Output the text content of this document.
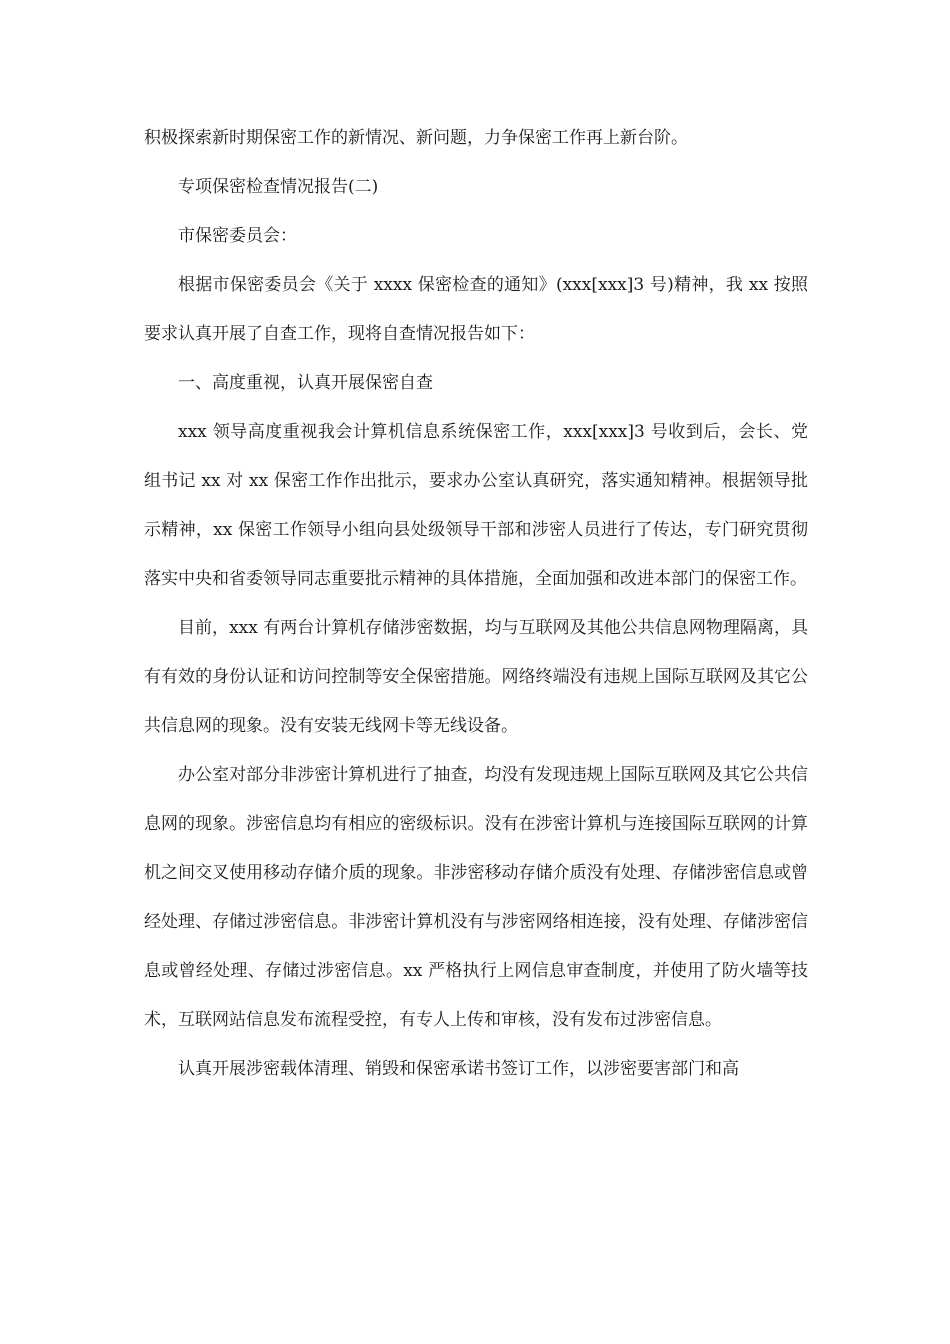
积极探索新时期保密工作的新情况、新问题，力争保密工作再上新台阶。

专项保密检查情况报告(二)

市保密委员会：

根据市保密委员会《关于 xxxx 保密检查的通知》(xxx[xxx]3 号)精神，我 xx 按照要求认真开展了自查工作，现将自查情况报告如下：

一、高度重视，认真开展保密自查

xxx 领导高度重视我会计算机信息系统保密工作，xxx[xxx]3 号收到后，会长、党组书记 xx 对 xx 保密工作作出批示，要求办公室认真研究，落实通知精神。根据领导批示精神，xx 保密工作领导小组向县处级领导干部和涉密人员进行了传达，专门研究贯彻落实中央和省委领导同志重要批示精神的具体措施，全面加强和改进本部门的保密工作。

目前，xxx 有两台计算机存储涉密数据，均与互联网及其他公共信息网物理隔离，具有有效的身份认证和访问控制等安全保密措施。网络终端没有违规上国际互联网及其它公共信息网的现象。没有安装无线网卡等无线设备。

办公室对部分非涉密计算机进行了抽查，均没有发现违规上国际互联网及其它公共信息网的现象。涉密信息均有相应的密级标识。没有在涉密计算机与连接国际互联网的计算机之间交叉使用移动存储介质的现象。非涉密移动存储介质没有处理、存储涉密信息或曾经处理、存储过涉密信息。非涉密计算机没有与涉密网络相连接，没有处理、存储涉密信息或曾经处理、存储过涉密信息。xx 严格执行上网信息审查制度，并使用了防火墙等技术，互联网站信息发布流程受控，有专人上传和审核，没有发布过涉密信息。

认真开展涉密载体清理、销毁和保密承诺书签订工作，以涉密要害部门和高
